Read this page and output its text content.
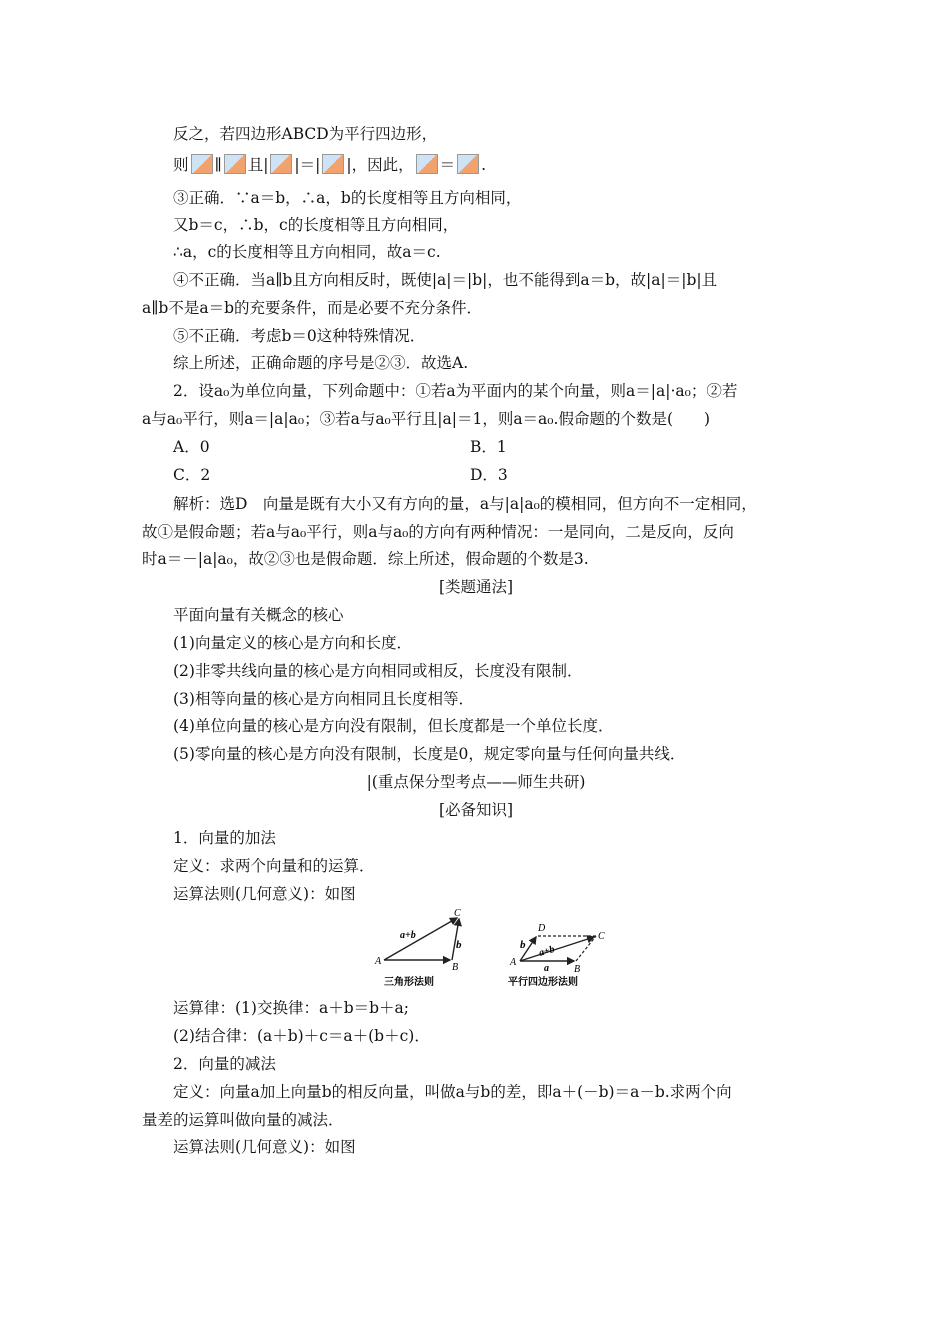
反之，若四边形ABCD为平行四边形，
则 ∥ 且| |＝| |，因此， ＝ .
③正确．∵a＝b，∴a，b的长度相等且方向相同，
又b＝c，∴b，c的长度相等且方向相同，
∴a，c的长度相等且方向相同，故a＝c.
④不正确．当a∥b且方向相反时，既使|a|＝|b|，也不能得到a＝b，故|a|＝|b|且
a∥b不是a＝b的充要条件，而是必要不充分条件．
⑤不正确．考虑b＝0这种特殊情况．
综上所述，正确命题的序号是②③．故选A.
2．设a₀为单位向量，下列命题中：①若a为平面内的某个向量，则a＝|a|·a₀；②若
a与a₀平行，则a＝|a|a₀；③若a与a₀平行且|a|＝1，则a＝a₀.假命题的个数是(　　)
A．0	B．1
C．2	D．3
解析：选D　向量是既有大小又有方向的量，a与|a|a₀的模相同，但方向不一定相同，
故①是假命题；若a与a₀平行，则a与a₀的方向有两种情况：一是同向，二是反向，反向
时a＝－|a|a₀，故②③也是假命题．综上所述，假命题的个数是3.
[类题通法]
平面向量有关概念的核心
(1)向量定义的核心是方向和长度．
(2)非零共线向量的核心是方向相同或相反，长度没有限制．
(3)相等向量的核心是方向相同且长度相等．
(4)单位向量的核心是方向没有限制，但长度都是一个单位长度．
(5)零向量的核心是方向没有限制，长度是0，规定零向量与任何向量共线．
|(重点保分型考点——师生共研)
[必备知识]
1．向量的加法
定义：求两个向量和的运算．
运算法则(几何意义)：如图
a+b
b
A
B
C
三角形法则
b a+b
a
A
B
C
D
平行四边形法则
运算律：(1)交换律：a＋b＝b＋a;
(2)结合律：(a＋b)＋c＝a＋(b＋c)．
2．向量的减法
定义：向量a加上向量b的相反向量，叫做a与b的差，即a＋(－b)＝a－b.求两个向
量差的运算叫做向量的减法．
运算法则(几何意义)：如图
